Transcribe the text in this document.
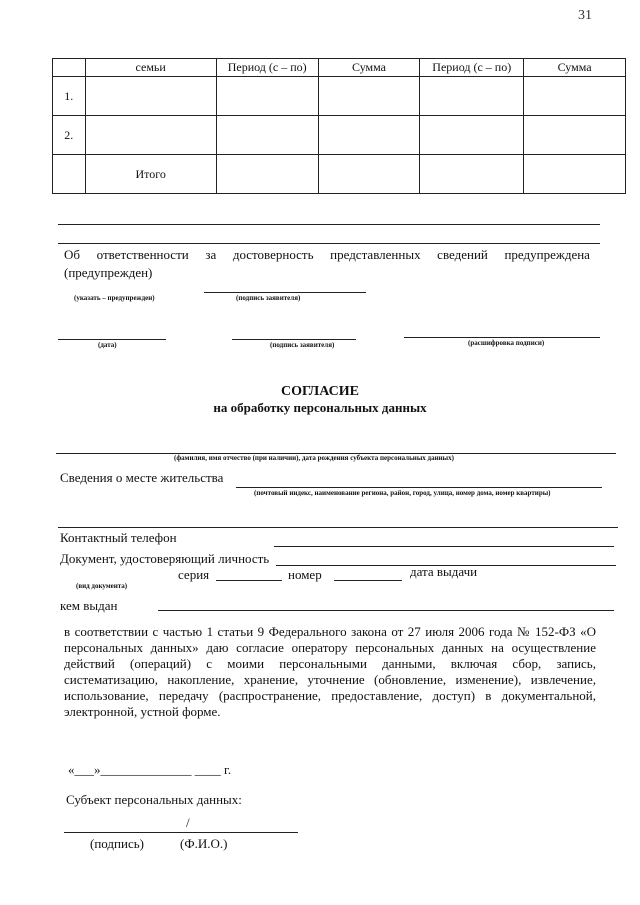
31
	семьи	Период (с – по)	Сумма	Период (с – по)	Сумма
1.					
2.					
	Итого				
Об ответственности за достоверность представленных сведений предупреждена
(предупрежден)
(указать – предупрежден)	(подпись заявителя)
(дата)	(подпись заявителя)	(расшифровка подписи)
СОГЛАСИЕ
на обработку персональных данных
(фамилия, имя отчество (при наличии), дата рождения субъекта персональных данных)
Сведения о месте жительства
(почтовый индекс, наименование региона, район, город, улица, номер дома, номер квартиры)
Контактный телефон
Документ, удостоверяющий личность
серия	номер	дата выдачи
(вид документа)
кем выдан
в соответствии с частью 1 статьи 9 Федерального закона от 27 июля 2006 года № 152-ФЗ «О персональных данных» даю согласие оператору персональных данных на осуществление действий (операций) с моими персональными данными, включая сбор, запись, систематизацию, накопление, хранение, уточнение (обновление, изменение), извлечение, использование, передачу (распространение, предоставление, доступ) в документальной, электронной, устной форме.
«___»______________ ____ г.
Субъект персональных данных:
/
(подпись)	(Ф.И.О.)
